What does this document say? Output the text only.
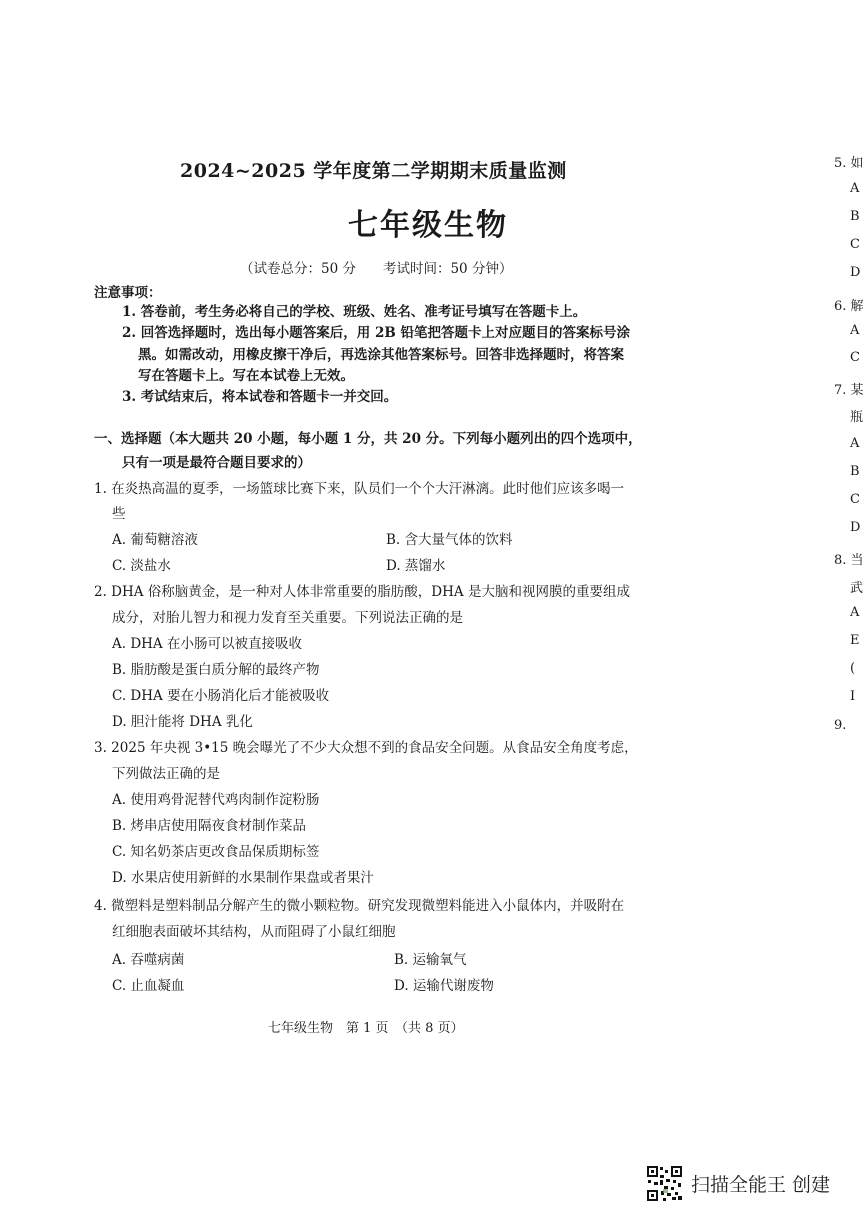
2024~2025 学年度第二学期期末质量监测
七年级生物
（试卷总分：50 分　　考试时间：50 分钟）
注意事项：
1. 答卷前，考生务必将自己的学校、班级、姓名、准考证号填写在答题卡上。
2. 回答选择题时，选出每小题答案后，用 2B 铅笔把答题卡上对应题目的答案标号涂
黑。如需改动，用橡皮擦干净后，再选涂其他答案标号。回答非选择题时，将答案
写在答题卡上。写在本试卷上无效。
3. 考试结束后，将本试卷和答题卡一并交回。
一、选择题（本大题共 20 小题，每小题 1 分，共 20 分。下列每小题列出的四个选项中，
只有一项是最符合题目要求的）
1. 在炎热高温的夏季，一场篮球比赛下来，队员们一个个大汗淋漓。此时他们应该多喝一
些
A. 葡萄糖溶液	B. 含大量气体的饮料
C. 淡盐水	D. 蒸馏水
2. DHA 俗称脑黄金，是一种对人体非常重要的脂肪酸，DHA 是大脑和视网膜的重要组成
成分，对胎儿智力和视力发育至关重要。下列说法正确的是
A. DHA 在小肠可以被直接吸收
B. 脂肪酸是蛋白质分解的最终产物
C. DHA 要在小肠消化后才能被吸收
D. 胆汁能将 DHA 乳化
3. 2025 年央视 3•15 晚会曝光了不少大众想不到的食品安全问题。从食品安全角度考虑，
下列做法正确的是
A. 使用鸡骨泥替代鸡肉制作淀粉肠
B. 烤串店使用隔夜食材制作菜品
C. 知名奶茶店更改食品保质期标签
D. 水果店使用新鲜的水果制作果盘或者果汁
4. 微塑料是塑料制品分解产生的微小颗粒物。研究发现微塑料能进入小鼠体内，并吸附在
红细胞表面破坏其结构，从而阻碍了小鼠红细胞
A. 吞噬病菌	B. 运输氧气
C. 止血凝血	D. 运输代谢废物
七年级生物　第 1 页　（共 8 页）
5. 如
A
B
C
D
6. 解
A
C
7. 某
瓶
A
B
C
D
8. 当
武
A
E
(
I
9.
扫描全能王 创建
